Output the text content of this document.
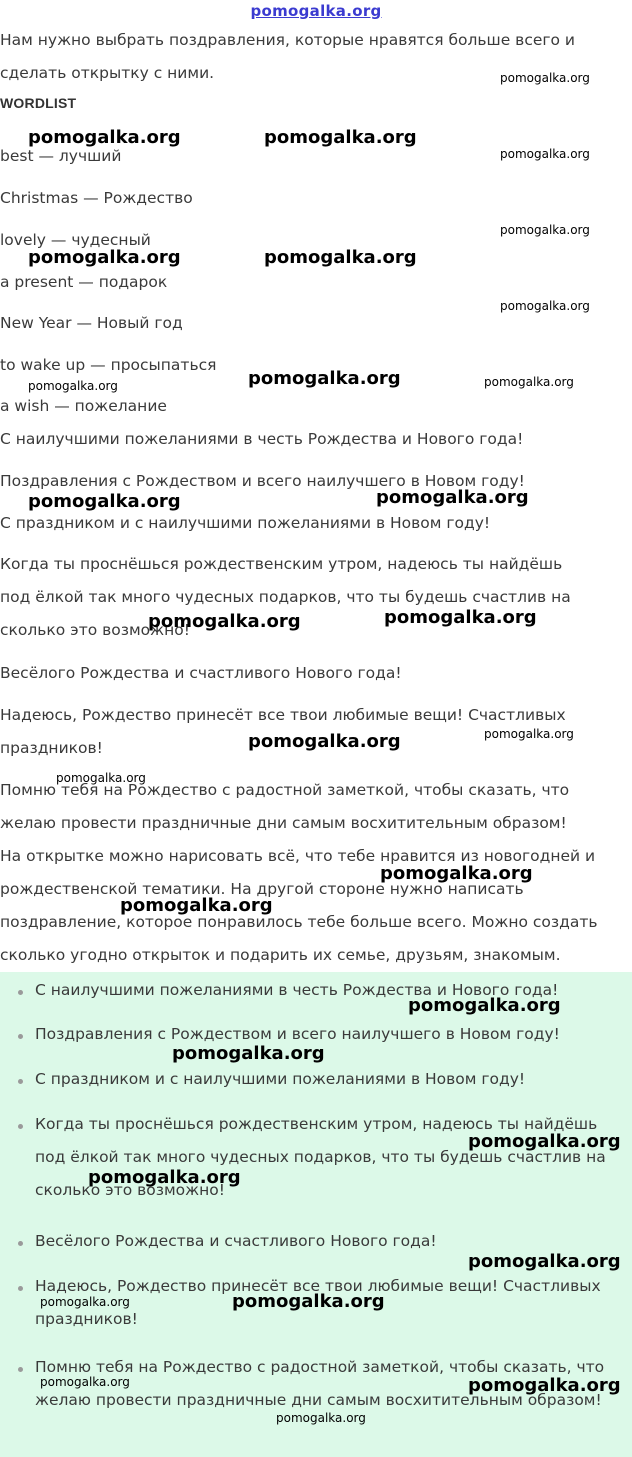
pomogalka.org

Нам нужно выбрать поздравления, которые нравятся больше всего и сделать открытку с ними.

WORDLIST
best — лучший
Christmas — Рождество
lovely — чудесный
a present — подарок
New Year — Новый год
to wake up — просыпаться
a wish — пожелание
С наилучшими пожеланиями в честь Рождества и Нового года!
Поздравления с Рождеством и всего наилучшего в Новом году!
С праздником и с наилучшими пожеланиями в Новом году!
Когда ты проснёшься рождественским утром, надеюсь ты найдёшь под ёлкой так много чудесных подарков, что ты будешь счастлив на сколько это возможно!
Весёлого Рождества и счастливого Нового года!
Надеюсь, Рождество принесёт все твои любимые вещи! Счастливых праздников!
Помню тебя на Рождество с радостной заметкой, чтобы сказать, что желаю провести праздничные дни самым восхитительным образом!

На открытке можно нарисовать всё, что тебе нравится из новогодней и рождественской тематики. На другой стороне нужно написать поздравление, которое понравилось тебе больше всего. Можно создать сколько угодно открыток и подарить их семье, друзьям, знакомым.

С наилучшими пожеланиями в честь Рождества и Нового года!
Поздравления с Рождеством и всего наилучшего в Новом году!
С праздником и с наилучшими пожеланиями в Новом году!
Когда ты проснёшься рождественским утром, надеюсь ты найдёшь под ёлкой так много чудесных подарков, что ты будешь счастлив на сколько это возможно!
Весёлого Рождества и счастливого Нового года!
Надеюсь, Рождество принесёт все твои любимые вещи! Счастливых праздников!
Помню тебя на Рождество с радостной заметкой, чтобы сказать, что желаю провести праздничные дни самым восхитительным образом!
pomogalka.org
pomogalka.org	pomogalka.org
pomogalka.org
pomogalka.org
pomogalka.org	pomogalka.org
pomogalka.org
pomogalka.org	pomogalka.org	pomogalka.org
pomogalka.org	pomogalka.org
pomogalka.org	pomogalka.org
pomogalka.org	pomogalka.org
pomogalka.org
pomogalka.org
pomogalka.org
pomogalka.org
pomogalka.org
pomogalka.org
pomogalka.org
pomogalka.org
pomogalka.org	pomogalka.org
pomogalka.org	pomogalka.org
pomogalka.org
